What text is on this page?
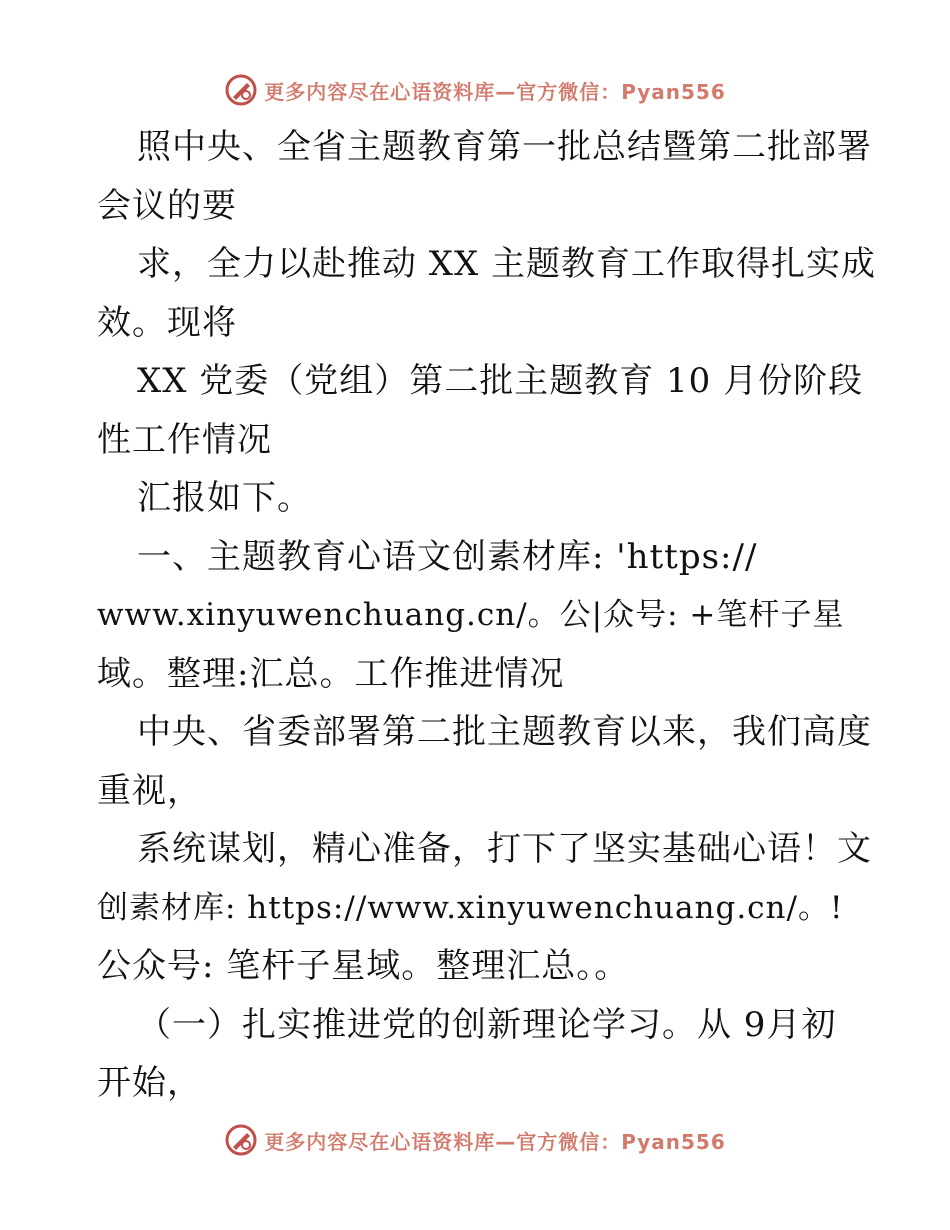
更多内容尽在心语资料库—官方微信：Pyan556
照中央、全省主题教育第一批总结暨第二批部署
会议的要
求，全力以赴推动 XX 主题教育工作取得扎实成
效。现将
XX 党委（党组）第二批主题教育 10 月份阶段
性工作情况
汇报如下。
一、主题教育心语文创素材库: 'https://
www.xinyuwenchuang.cn/。公|众号: +笔杆子星
域。整理:汇总。工作推进情况
中央、省委部署第二批主题教育以来，我们高度
重视，
系统谋划，精心准备，打下了坚实基础心语！文
创素材库: https://www.xinyuwenchuang.cn/。!
公众号: 笔杆子星域。整理汇总。。
（一）扎实推进党的创新理论学习。从 9月初
开始，
更多内容尽在心语资料库—官方微信：Pyan556
